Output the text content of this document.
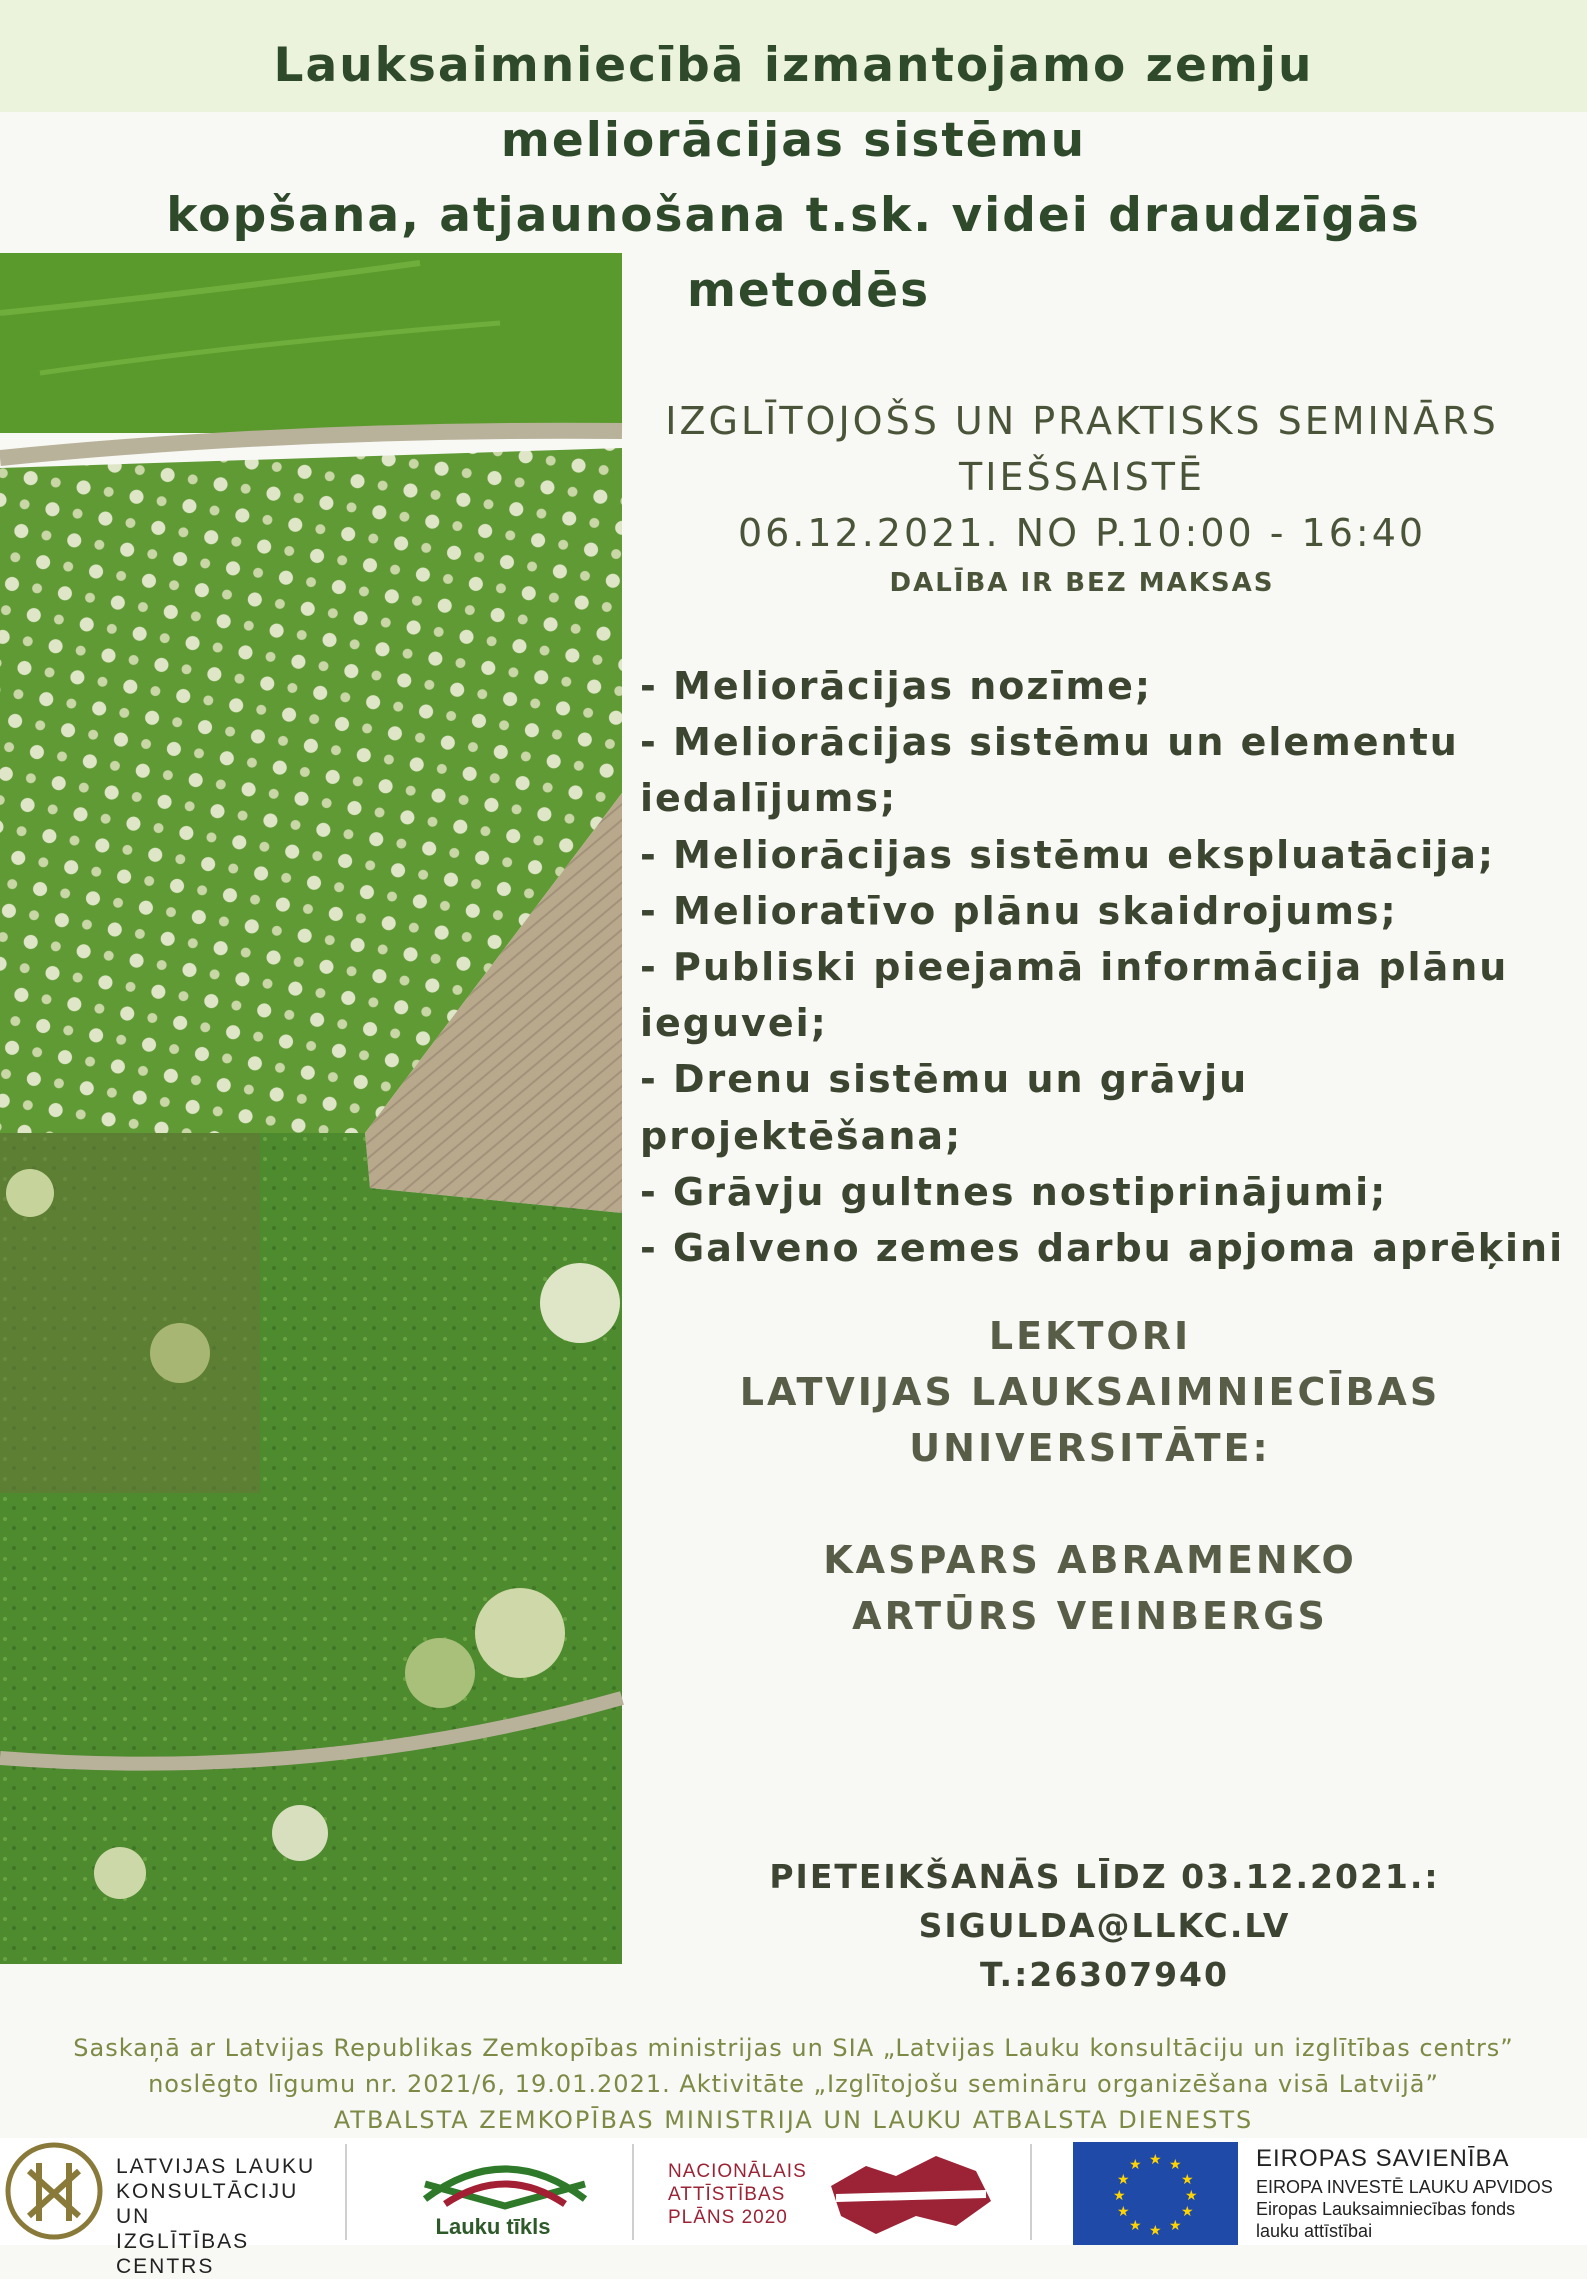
Lauksaimniecībā izmantojamo zemju
meliorācijas sistēmu
kopšana, atjaunošana t.sk. videi draudzīgās
metodēs
IZGLĪTOJOŠS UN PRAKTISKS SEMINĀRS
TIEŠSAISTĒ
06.12.2021. NO P.10:00 - 16:40
DALĪBA IR BEZ MAKSAS
- Meliorācijas nozīme;
- Meliorācijas sistēmu un elementu
iedalījums;
- Meliorācijas sistēmu ekspluatācija;
- Melioratīvo plānu skaidrojums;
- Publiski pieejamā informācija plānu
ieguvei;
- Drenu sistēmu un grāvju projektēšana;
- Grāvju gultnes nostiprinājumi;
- Galveno zemes darbu apjoma aprēķini
LEKTORI
LATVIJAS LAUKSAIMNIECĪBAS
UNIVERSITĀTE:
KASPARS ABRAMENKO
ARTŪRS VEINBERGS
PIETEIKŠANĀS LĪDZ 03.12.2021.: SIGULDA@LLKC.LV
T.:26307940
Saskaņā ar Latvijas Republikas Zemkopības ministrijas un SIA „Latvijas Lauku konsultāciju un izglītības centrs”
noslēgto līgumu nr. 2021/6, 19.01.2021. Aktivitāte „Izglītojošu semināru organizēšana visā Latvijā”
ATBALSTA ZEMKOPĪBAS MINISTRIJA UN LAUKU ATBALSTA DIENESTS
LATVIJAS LAUKU
KONSULTĀCIJU UN
IZGLĪTĪBAS CENTRS
Lauku tīkls
NACIONĀLAIS
ATTĪSTĪBAS
PLĀNS 2020
★ ★
★
★
★
★
★
★
★
★
★
★	EIROPAS SAVIENĪBA
EIROPA INVESTĒ LAUKU APVIDOS
Eiropas Lauksaimniecības fonds
lauku attīstībai
